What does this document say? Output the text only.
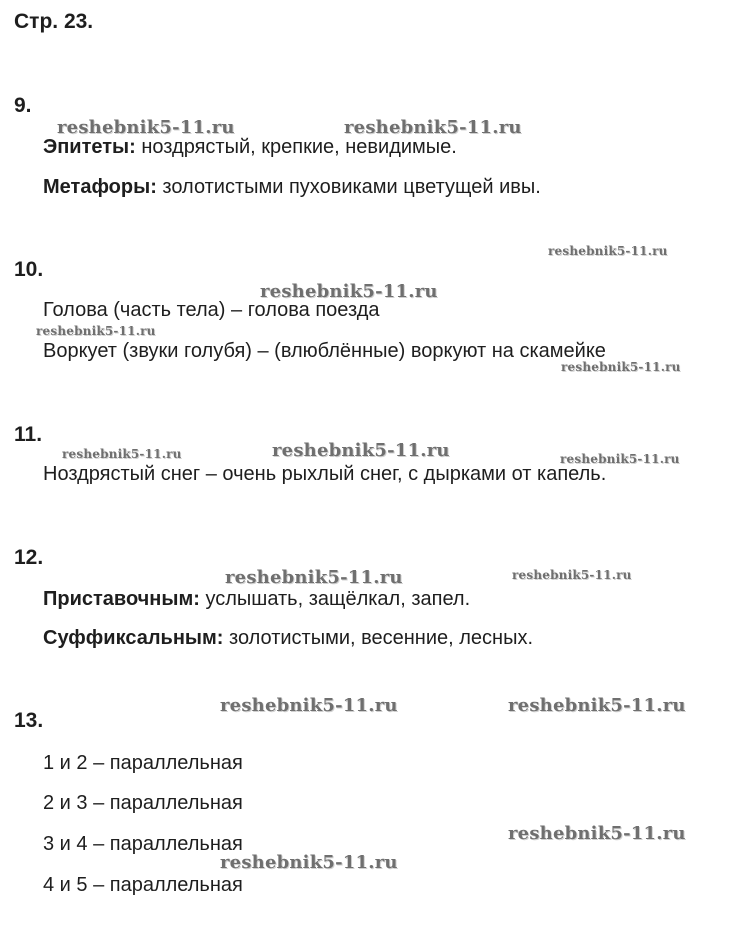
Стр. 23.
9.
Эпитеты: ноздрястый, крепкие, невидимые.
Метафоры: золотистыми пуховиками цветущей ивы.
10.
Голова (часть тела) – голова поезда
Воркует (звуки голубя) – (влюблённые) воркуют на скамейке
11.
Ноздрястый снег – очень рыхлый снег, с дырками от капель.
12.
Приставочным: услышать, защёлкал, запел.
Суффиксальным: золотистыми, весенние, лесных.
13.
1 и 2 – параллельная
2 и 3 – параллельная
3 и 4 – параллельная
4 и 5 – параллельная
reshebnik5-11.ru	reshebnik5-11.ru
reshebnik5-11.ru
reshebnik5-11.ru
reshebnik5-11.ru
reshebnik5-11.ru
reshebnik5-11.ru	reshebnik5-11.ru	reshebnik5-11.ru
reshebnik5-11.ru	reshebnik5-11.ru
reshebnik5-11.ru	reshebnik5-11.ru
reshebnik5-11.ru
reshebnik5-11.ru
